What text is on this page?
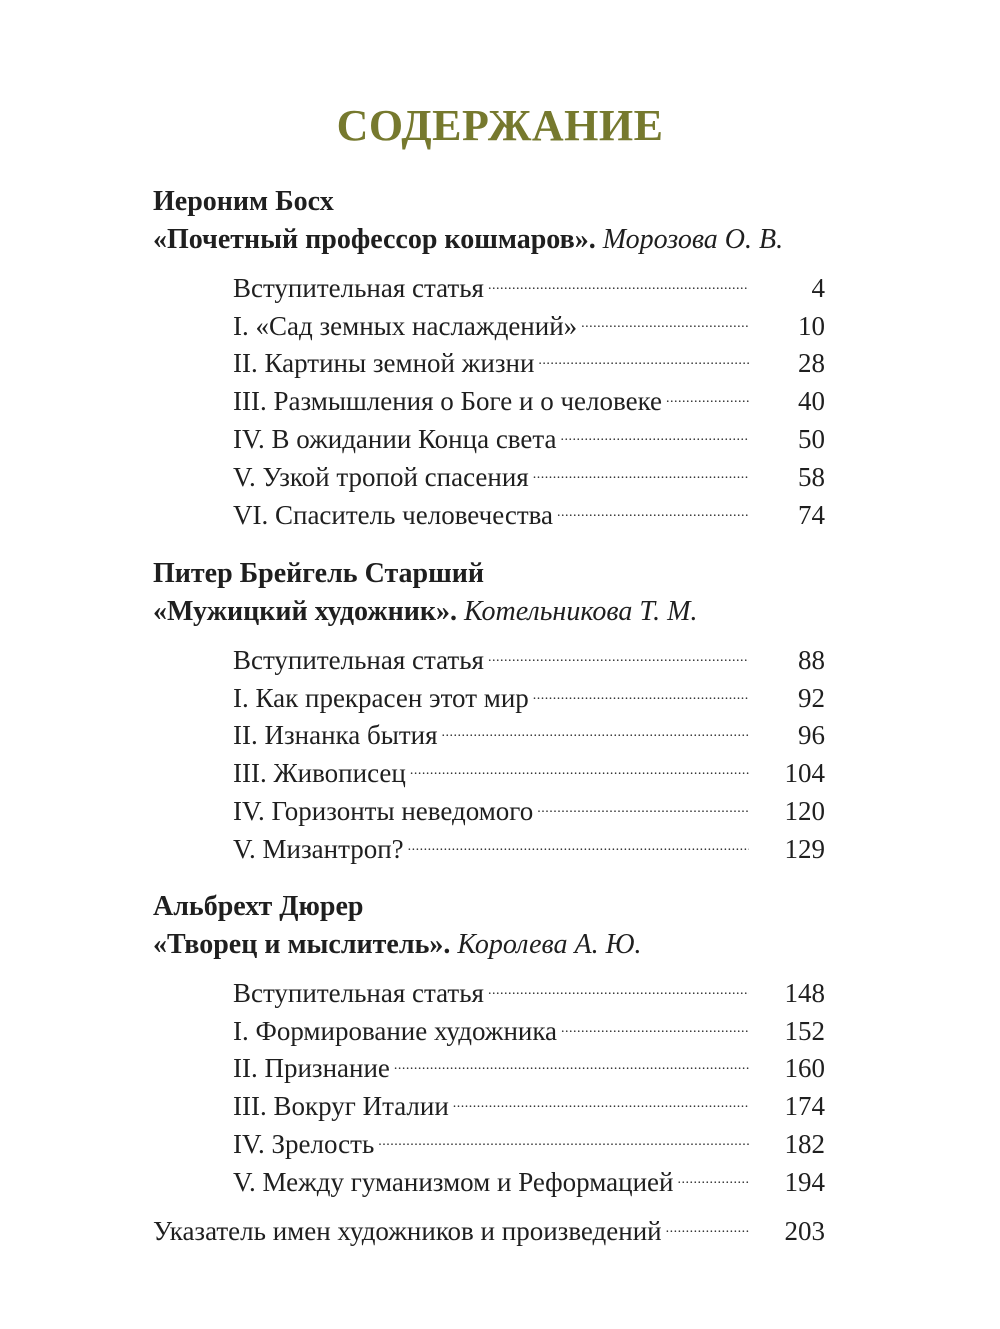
СОДЕРЖАНИЕ
Иероним Босх
«Почетный профессор кошмаров». Морозова О. В.
Вступительная статья . . .	4
I. «Сад земных наслаждений» . . .	10
II. Картины земной жизни . . .	28
III. Размышления о Боге и о человеке . . .	40
IV. В ожидании Конца света . . .	50
V. Узкой тропой спасения . . .	58
VI. Спаситель человечества . . .	74
Питер Брейгель Старший
«Мужицкий художник». Котельникова Т. М.
Вступительная статья . . .	88
I. Как прекрасен этот мир . . .	92
II. Изнанка бытия . . .	96
III. Живописец . . .	104
IV. Горизонты неведомого . . .	120
V. Мизантроп? . . .	129
Альбрехт Дюрер
«Творец и мыслитель». Королева А. Ю.
Вступительная статья . . .	148
I. Формирование художника . . .	152
II. Признание . . .	160
III. Вокруг Италии . . .	174
IV. Зрелость . . .	182
V. Между гуманизмом и Реформацией . . .	194
Указатель имен художников и произведений . . .	203
